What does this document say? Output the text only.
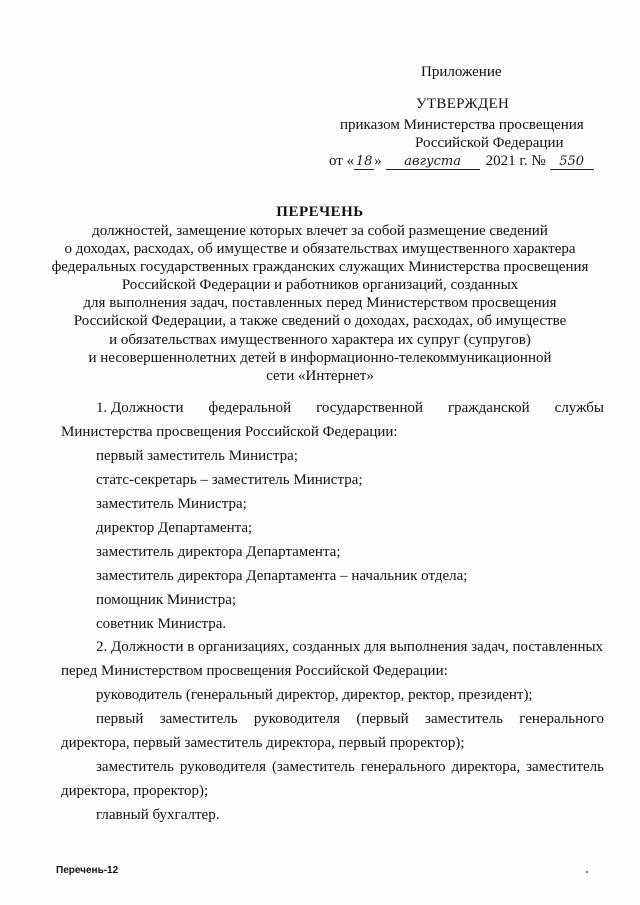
Приложение
УТВЕРЖДЕН
приказом Министерства просвещения
Российской Федерации
от « 18 »	августа	2021 г. №	550
ПЕРЕЧЕНЬ
должностей, замещение которых влечет за собой размещение сведений
о доходах, расходах, об имуществе и обязательствах имущественного характера
федеральных государственных гражданских служащих Министерства просвещения
Российской Федерации и работников организаций, созданных
для выполнения задач, поставленных перед Министерством просвещения
Российской Федерации, а также сведений о доходах, расходах, об имуществе
и обязательствах имущественного характера их супруг (супругов)
и несовершеннолетних детей в информационно-телекоммуникационной
сети «Интернет»
1. Должности федеральной государственной гражданской службы
Министерства просвещения Российской Федерации:
первый заместитель Министра;
статс-секретарь – заместитель Министра;
заместитель Министра;
директор Департамента;
заместитель директора Департамента;
заместитель директора Департамента – начальник отдела;
помощник Министра;
советник Министра.
2. Должности в организациях, созданных для выполнения задач, поставленных
перед Министерством просвещения Российской Федерации:
руководитель (генеральный директор, директор, ректор, президент);
первый заместитель руководителя (первый заместитель генерального
директора, первый заместитель директора, первый проректор);
заместитель руководителя (заместитель генерального директора, заместитель
директора, проректор);
главный бухгалтер.
Перечень-12
